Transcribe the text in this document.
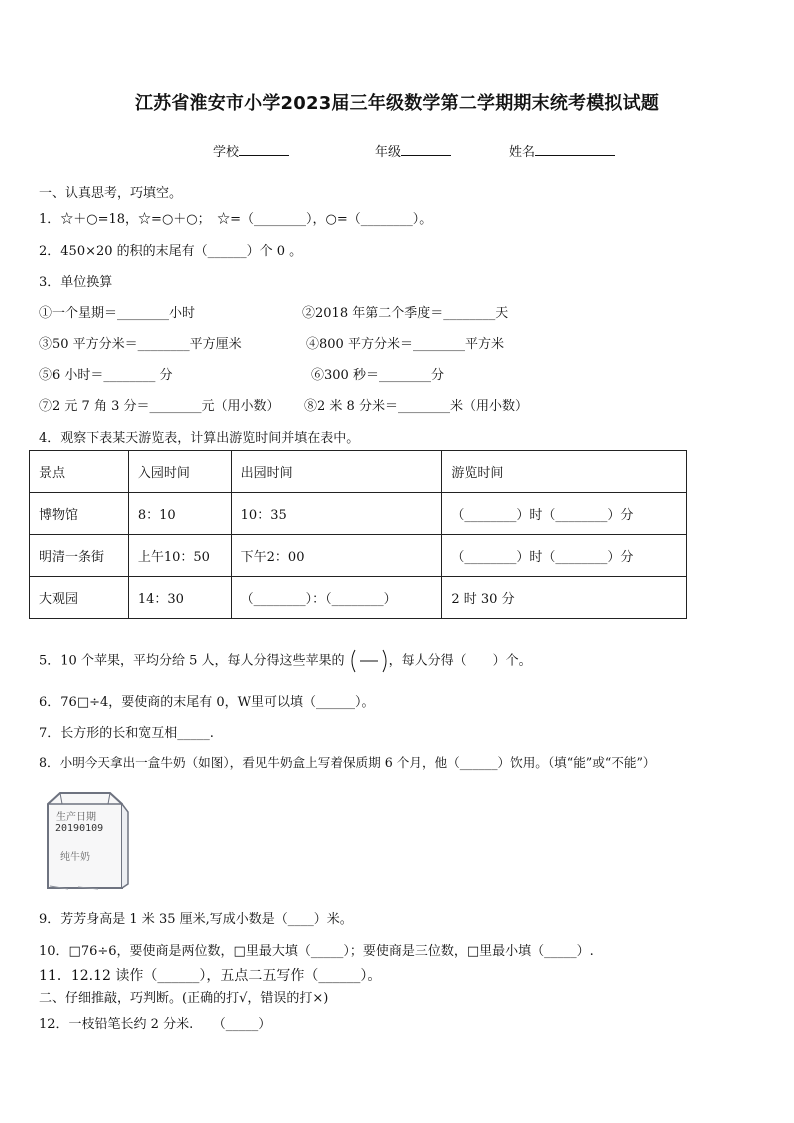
江苏省淮安市小学2023届三年级数学第二学期期末统考模拟试题
学校	年级	姓名
一、认真思考，巧填空。
1．☆＋○=18，☆=○＋○；　☆=（________），○=（________）。
2．450×20 的积的末尾有（______）个 0 。
3．单位换算
①一个星期＝________小时	②2018 年第二个季度＝________天
③50 平方分米＝________平方厘米	④800 平方分米＝________平方米
⑤6 小时＝________ 分	⑥300 秒＝________分
⑦2 元 7 角 3 分＝________元（用小数） ⑧2 米 8 分米＝________米（用小数）
4．观察下表某天游览表，计算出游览时间并填在表中。
景点	入园时间	出园时间	游览时间
博物馆	8：10	10：35	（________）时（________）分
明清一条街	上午10：50	下午2：00	（________）时（________）分
大观园	14：30	（________）：（________）	2 时 30 分
5．10 个苹果，平均分给 5 人，每人分得这些苹果的	，每人分得（　　）个。
6．76□÷4，要使商的末尾有 0，W里可以填（______）。
7．长方形的长和宽互相_____.
8．小明今天拿出一盒牛奶（如图），看见牛奶盒上写着保质期 6 个月，他（______）饮用。（填“能”或“不能”）
生产日期
20190109
纯牛奶
9．芳芳身高是 1 米 35 厘米,写成小数是（____）米。
10．□76÷6，要使商是两位数，□里最大填（_____）；要使商是三位数，□里最小填（_____）.
11．12.12 读作（______），五点二五写作（______）。
二、仔细推敲，巧判断。(正确的打√，错误的打×)
12．一枝铅笔长约 2 分米.　　（_____）
